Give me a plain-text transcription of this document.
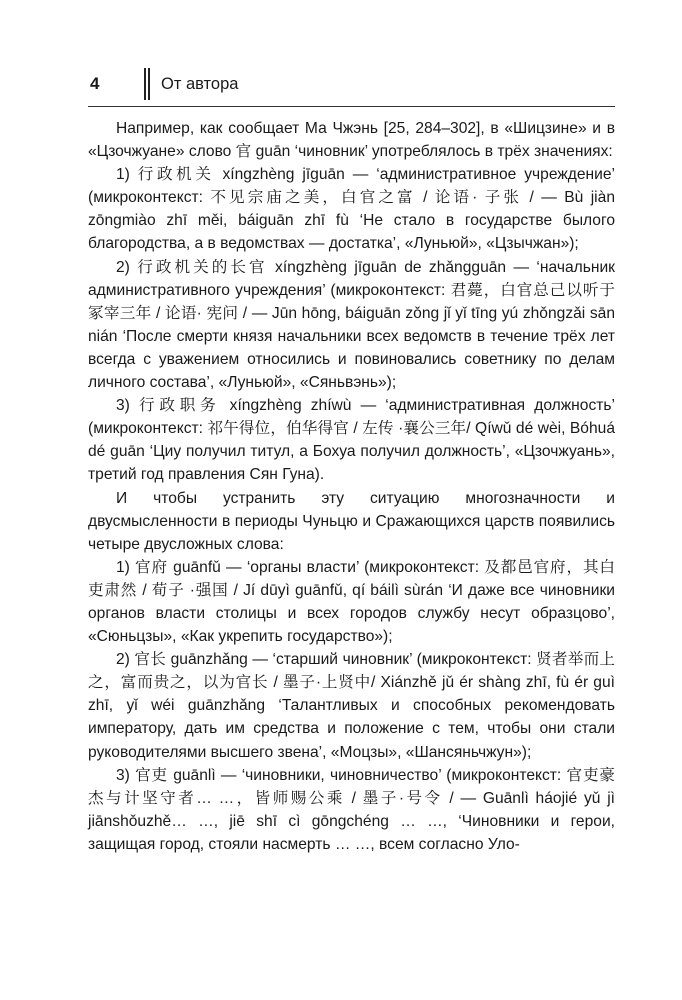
4	От автора

Например, как сообщает Ма Чжэнь [25, 284–302], в «Шицзине» и в «Цзочжуане» слово 官 guān ‘чиновник’ употреблялось в трёх значениях:

1) 行政机关 xíngzhèng jīguān — ‘административное учреждение’ (микроконтекст: 不见宗庙之美，白官之富 / 论语· 子张 / — Bù jiàn zōngmiào zhī měi, báiguān zhī fù ‘Не стало в государстве былого благородства, а в ведомствах — достатка’, «Луньюй», «Цзычжан»);

2) 行政机关的长官 xíngzhèng jīguān de zhǎngguān — ‘начальник административного учреждения’ (микроконтекст: 君薨，白官总己以听于冢宰三年 / 论语· 宪问 / — Jūn hōng, báiguān zǒng jǐ yǐ tīng yú zhǒngzǎi sān nián ‘После смерти князя начальники всех ведомств в течение трёх лет всегда с уважением относились и повиновались советнику по делам личного состава’, «Луньюй», «Сяньвэнь»);

3) 行政职务 xíngzhèng zhíwù — ‘административная должность’ (микроконтекст: 祁午得位，伯华得官 / 左传 ·襄公三年/ Qíwǔ dé wèi, Bóhuá dé guān ‘Циу получил титул, а Бохуа получил должность’, «Цзочжуань», третий год правления Сян Гуна).

И чтобы устранить эту ситуацию многозначности и двусмысленности в периоды Чуньцю и Сражающихся царств появились четыре двусложных слова:

1) 官府 guānfǔ — ‘органы власти’ (микроконтекст: 及都邑官府，其白吏肃然 / 荀子 ·强国 / Jí dūyì guānfǔ, qí báilì sùrán ‘И даже все чиновники органов власти столицы и всех городов службу несут образцово’, «Сюньцзы», «Как укрепить государство»);

2) 官长 guānzhǎng — ‘старший чиновник’ (микроконтекст: 贤者举而上之，富而贵之，以为官长 / 墨子·上贤中/ Xiánzhě jǔ ér shàng zhī, fù ér guì zhī, yǐ wéi guānzhǎng ‘Талантливых и способных рекомендовать императору, дать им средства и положение с тем, чтобы они стали руководителями высшего звена’, «Моцзы», «Шансяньчжун»);

3) 官吏 guānlì — ‘чиновники, чиновничество’ (микроконтекст: 官吏豪杰与计坚守者… …，皆师赐公乘 / 墨子·号令 / — Guānlì háojié yǔ jì jiānshǒuzhě… …, jiē shī cì gōngchéng … …, ‘Чиновники и герои, защищая город, стояли насмерть … …, всем согласно Уло-
